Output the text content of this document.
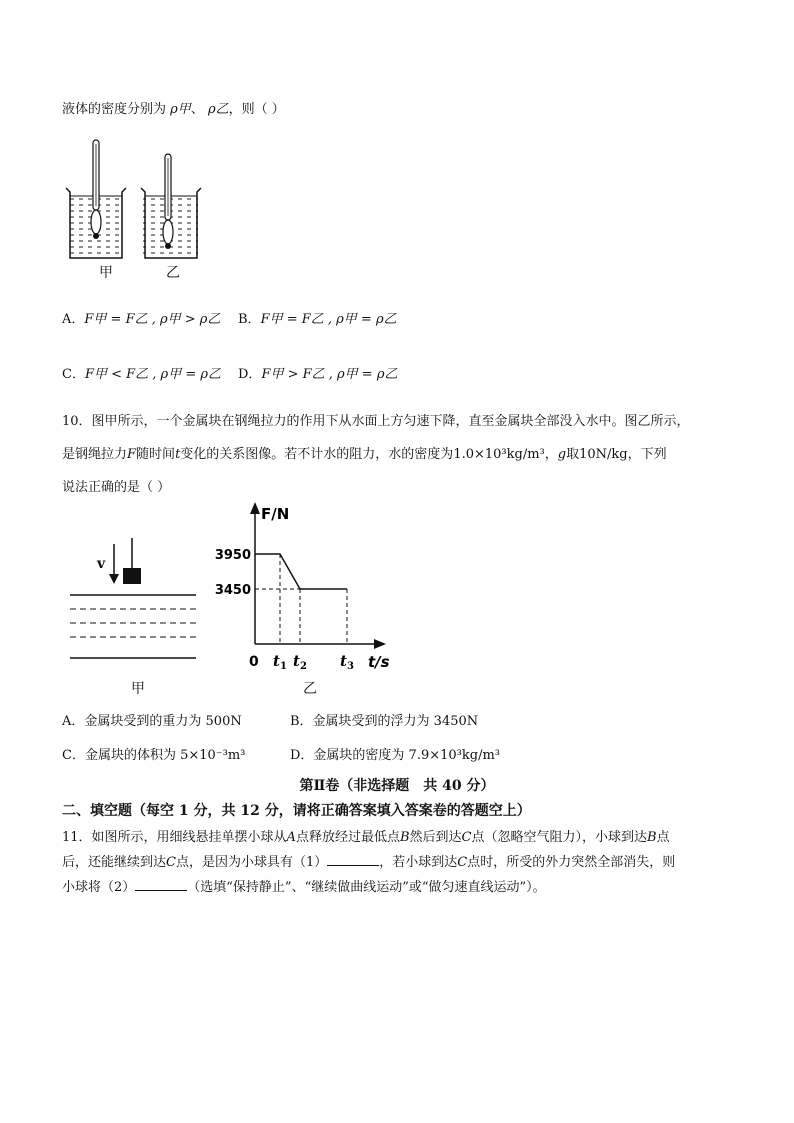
液体的密度分别为 ρ甲、 ρ乙，则（ ）
甲	乙
A．F甲 = F乙 , ρ甲 > ρ乙 B．F甲 = F乙 , ρ甲 = ρ乙
C．F甲 < F乙 , ρ甲 = ρ乙 D．F甲 > F乙 , ρ甲 = ρ乙
10．图甲所示，一个金属块在钢绳拉力的作用下从水面上方匀速下降，直至金属块全部没入水中。图乙所示，
是钢绳拉力F随时间t变化的关系图像。若不计水的阻力，水的密度为1.0×10³kg/m³，g取10N/kg，下列
说法正确的是（ ）
v
甲
F/N
t/s
0
3950
3450
$t_1$ $t_2$ $t_3$
乙
A．金属块受到的重力为 500N	B．金属块受到的浮力为 3450N
C．金属块的体积为 5×10⁻³m³	D．金属块的密度为 7.9×10³kg/m³
第Ⅱ卷（非选择题　共 40 分）
二、填空题（每空 1 分，共 12 分，请将正确答案填入答案卷的答题空上）
11．如图所示，用细线悬挂单摆小球从A点释放经过最低点B然后到达C点（忽略空气阻力），小球到达B点
后，还能继续到达C点，是因为小球具有（1）	，若小球到达C点时，所受的外力突然全部消失，则
小球将（2）	（选填“保持静止”、“继续做曲线运动”或“做匀速直线运动”）。
